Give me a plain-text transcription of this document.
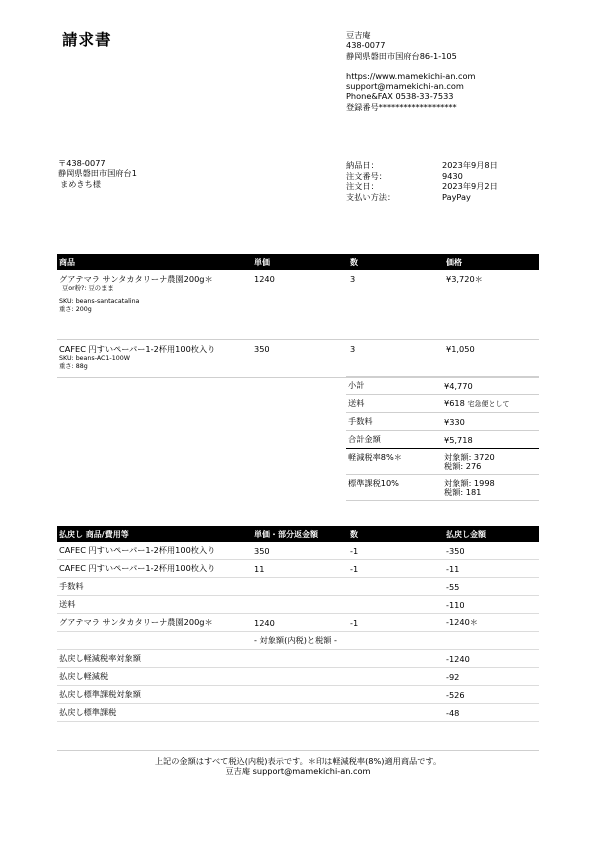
請求書	豆吉庵
438-0077
静岡県磐田市国府台86-1-105
https://www.mamekichi-an.com
support@mamekichi-an.com
Phone&FAX 0538-33-7533
登録番号*******************
〒438-0077
静岡県磐田市国府台1
まめきち様
納品日：	2023年9月8日
注文番号：	9430
注文日：	2023年9月2日
支払い方法：	PayPay
商品	単価	数	価格

グアテマラ サンタカタリーナ農園200g＊
豆or粉?: 豆のまま
SKU: beans-santacatalina
重さ: 200g	1240	3	¥3,720＊

CAFEC 円すいペーパー1-2杯用100枚入り
SKU: beans-AC1-100W
重さ: 88g	350	3	¥1,050
小計	¥4,770
送料	¥618 宅急便として
手数料	¥330
合計金額	¥5,718
軽減税率8%＊	対象額: 3720
税額: 276

標準課税10%	対象額: 1998
税額: 181
払戻し 商品/費用等	単価・部分返金額	数	払戻し金額
CAFEC 円すいペーパー1-2杯用100枚入り	350	-1	-350
CAFEC 円すいペーパー1-2杯用100枚入り	11	-1	-11
手数料			-55
送料			-110
グアテマラ サンタカタリーナ農園200g＊	1240	-1	-1240＊
	- 対象額(内税)と税額 -		
払戻し軽減税率対象額			-1240
払戻し軽減税			-92
払戻し標準課税対象額			-526
払戻し標準課税			-48
上記の金額はすべて税込(内税)表示です。＊印は軽減税率(8%)適用商品です。
豆吉庵 support@mamekichi-an.com
